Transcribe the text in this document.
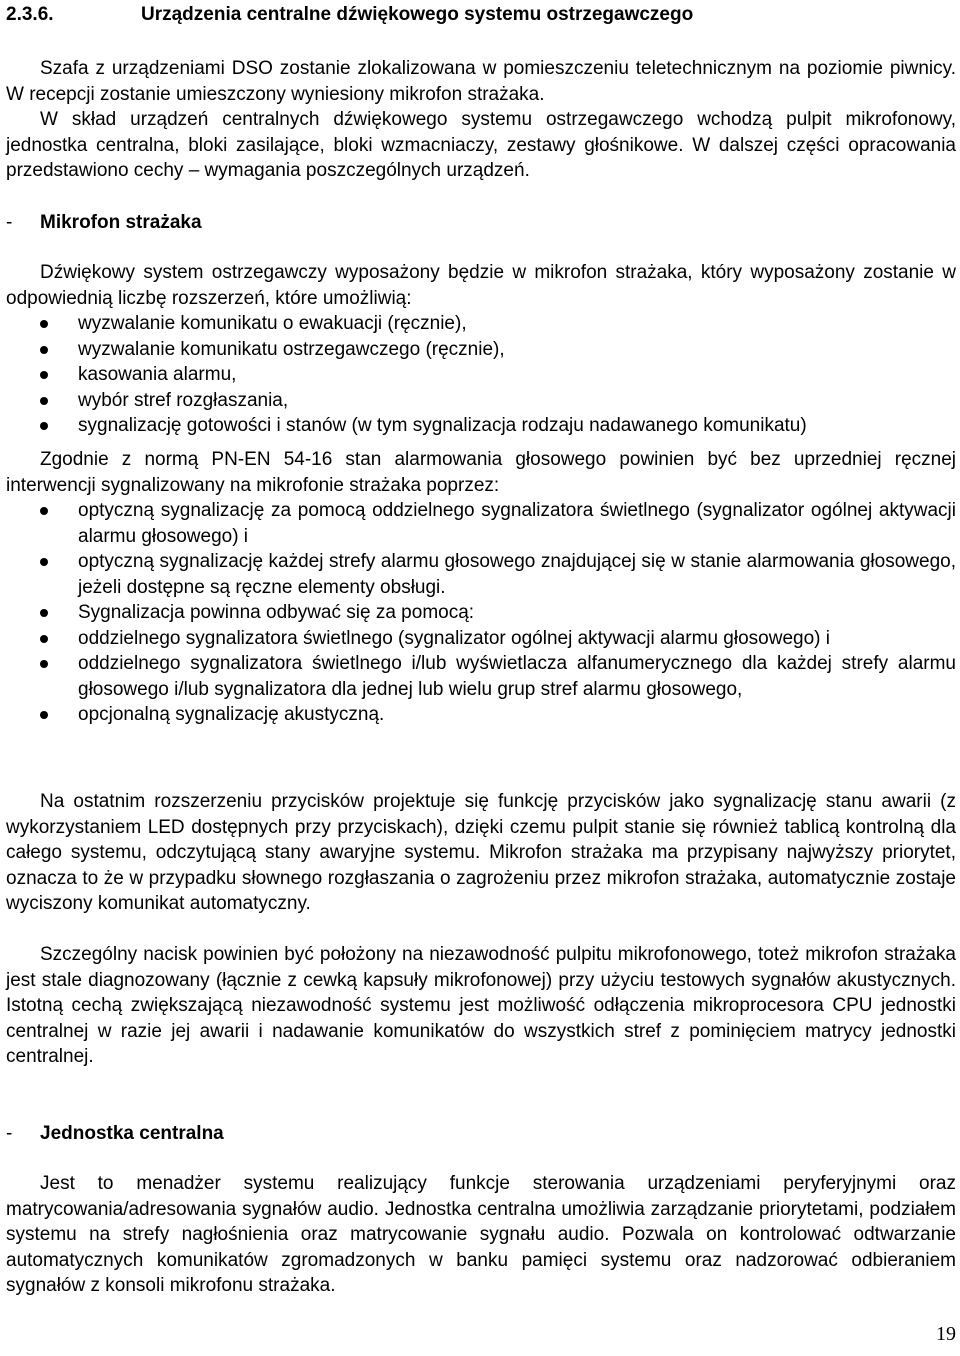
2.3.6.	Urządzenia centralne dźwiękowego systemu ostrzegawczego

Szafa z urządzeniami DSO zostanie zlokalizowana w pomieszczeniu teletechnicznym na poziomie piwnicy. W recepcji zostanie umieszczony wyniesiony mikrofon strażaka.

W skład urządzeń centralnych dźwiękowego systemu ostrzegawczego wchodzą pulpit mikrofonowy, jednostka centralna, bloki zasilające, bloki wzmacniaczy, zestawy głośnikowe. W dalszej części opracowania przedstawiono cechy – wymagania poszczególnych urządzeń.

- Mikrofon strażaka

Dźwiękowy system ostrzegawczy wyposażony będzie w mikrofon strażaka, który wyposażony zostanie w odpowiednią liczbę rozszerzeń, które umożliwią:

wyzwalanie komunikatu o ewakuacji (ręcznie),
wyzwalanie komunikatu ostrzegawczego (ręcznie),
kasowania alarmu,
wybór stref rozgłaszania,
sygnalizację gotowości i stanów (w tym sygnalizacja rodzaju nadawanego komunikatu)

Zgodnie z normą PN-EN 54-16 stan alarmowania głosowego powinien być bez uprzedniej ręcznej interwencji sygnalizowany na mikrofonie strażaka poprzez:

optyczną sygnalizację za pomocą oddzielnego sygnalizatora świetlnego (sygnalizator ogólnej aktywacji alarmu głosowego) i
optyczną sygnalizację każdej strefy alarmu głosowego znajdującej się w stanie alarmowania głosowego, jeżeli dostępne są ręczne elementy obsługi.
Sygnalizacja powinna odbywać się za pomocą:
oddzielnego sygnalizatora świetlnego (sygnalizator ogólnej aktywacji alarmu głosowego) i
oddzielnego sygnalizatora świetlnego i/lub wyświetlacza alfanumerycznego dla każdej strefy alarmu głosowego i/lub sygnalizatora dla jednej lub wielu grup stref alarmu głosowego,
opcjonalną sygnalizację akustyczną.

Na ostatnim rozszerzeniu przycisków projektuje się funkcję przycisków jako sygnalizację stanu awarii (z wykorzystaniem LED dostępnych przy przyciskach), dzięki czemu pulpit stanie się również tablicą kontrolną dla całego systemu, odczytującą stany awaryjne systemu. Mikrofon strażaka ma przypisany najwyższy priorytet, oznacza to że w przypadku słownego rozgłaszania o zagrożeniu przez mikrofon strażaka, automatycznie zostaje wyciszony komunikat automatyczny.

Szczególny nacisk powinien być położony na niezawodność pulpitu mikrofonowego, toteż mikrofon strażaka jest stale diagnozowany (łącznie z cewką kapsuły mikrofonowej) przy użyciu testowych sygnałów akustycznych. Istotną cechą zwiększającą niezawodność systemu jest możliwość odłączenia mikroprocesora CPU jednostki centralnej w razie jej awarii i nadawanie komunikatów do wszystkich stref z pominięciem matrycy jednostki centralnej.

- Jednostka centralna

Jest to menadżer systemu realizujący funkcje sterowania urządzeniami peryferyjnymi oraz matrycowania/adresowania sygnałów audio. Jednostka centralna umożliwia zarządzanie priorytetami, podziałem systemu na strefy nagłośnienia oraz matrycowanie sygnału audio. Pozwala on kontrolować odtwarzanie automatycznych komunikatów zgromadzonych w banku pamięci systemu oraz nadzorować odbieraniem sygnałów z konsoli mikrofonu strażaka.

19
